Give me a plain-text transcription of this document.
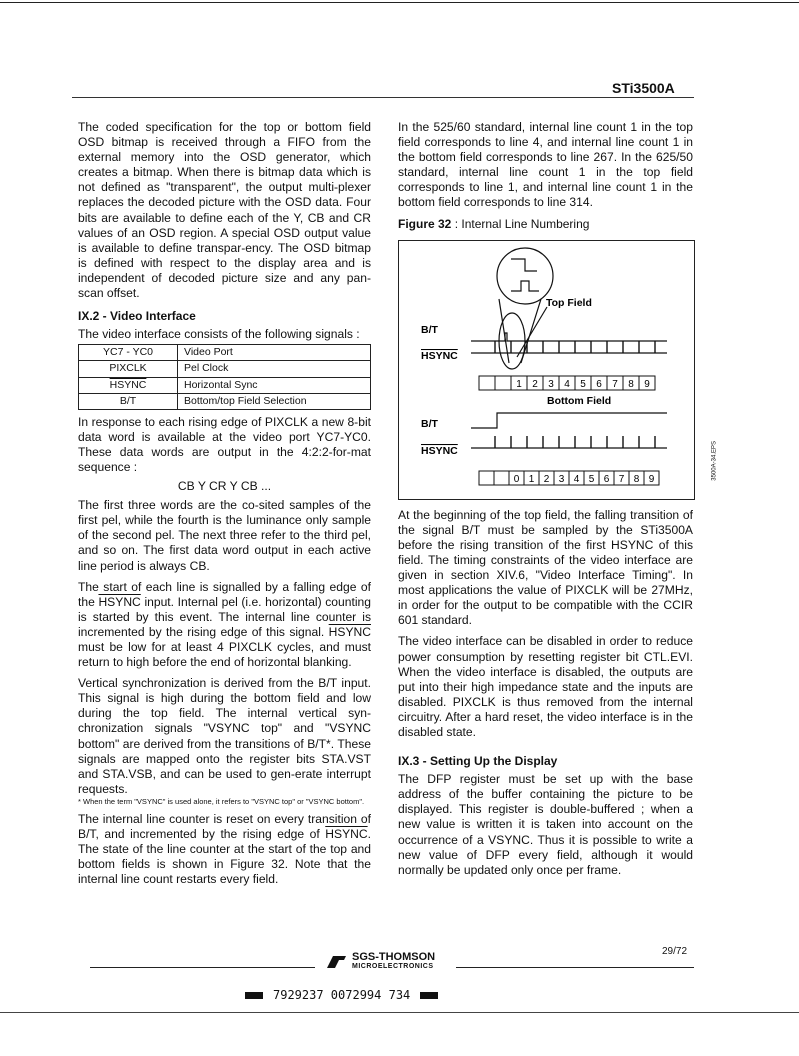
STi3500A

The coded specification for the top or bottom field OSD bitmap is received through a FIFO from the external memory into the OSD generator, which creates a bitmap. When there is bitmap data which is not defined as "transparent", the output multi-plexer replaces the decoded picture with the OSD data. Four bits are available to define each of the Y, CB and CR values of an OSD region. A special OSD output value is available to define transpar-ency. The OSD bitmap is defined with respect to the display area and is independent of decoded picture size and any pan-scan offset.

IX.2 - Video Interface

The video interface consists of the following signals :

YC7 - YC0	Video Port
PIXCLK	Pel Clock
HSYNC	Horizontal Sync
B/T	Bottom/top Field Selection

In response to each rising edge of PIXCLK a new 8-bit data word is available at the video port YC7-YC0. These data words are output in the 4:2:2-for-mat sequence :

CB Y CR Y CB ...

The first three words are the co-sited samples of the first pel, while the fourth is the luminance only sample of the second pel. The next three refer to the third pel, and so on. The first data word output in each active line period is always CB.

The start of each line is signalled by a falling edge of the HSYNC input. Internal pel (i.e. horizontal) counting is started by this event. The internal line counter is incremented by the rising edge of this signal. HSYNC must be low for at least 4 PIXCLK cycles, and must return to high before the end of horizontal blanking.

Vertical synchronization is derived from the B/T input. This signal is high during the bottom field and low during the top field. The internal vertical syn-chronization signals "VSYNC top" and "VSYNC bottom" are derived from the transitions of B/T*. These signals are mapped onto the register bits STA.VST and STA.VSB, and can be used to gen-erate interrupt requests.

* When the term "VSYNC" is used alone, it refers to "VSYNC top" or "VSYNC bottom".

The internal line counter is reset on every transition of B/T, and incremented by the rising edge of HSYNC. The state of the line counter at the start of the top and bottom fields is shown in Figure 32. Note that the internal line count restarts every field.

In the 525/60 standard, internal line count 1 in the top field corresponds to line 4, and internal line count 1 in the bottom field corresponds to line 267. In the 625/50 standard, internal line count 1 in the top field corresponds to line 1, and internal line count 1 in the bottom field corresponds to line 314.

Figure 32 : Internal Line Numbering
1 2 3 4 5 6 7 8 9
0 1 2 3 4 5 6 7 8 9
Top Field
Bottom Field
B/T
HSYNC
B/T
HSYNC	3500A-34.EPS

At the beginning of the top field, the falling transition of the signal B/T must be sampled by the STi3500A before the rising transition of the first HSYNC of this field. The timing constraints of the video interface are given in section XIV.6, "Video Interface Timing". In most applications the value of PIXCLK will be 27MHz, in order for the output to be compatible with the CCIR 601 standard.

The video interface can be disabled in order to reduce power consumption by resetting register bit CTL.EVI. When the video interface is disabled, the outputs are put into their high impedance state and the inputs are disabled. PIXCLK is thus removed from the internal circuitry. After a hard reset, the video interface is in the disabled state.

IX.3 - Setting Up the Display

The DFP register must be set up with the base address of the buffer containing the picture to be displayed. This register is double-buffered ; when a new value is written it is taken into account on the occurrence of a VSYNC. Thus it is possible to write a new value of DFP every field, although it would normally be updated only once per frame.

SGS-THOMSON
MICROELECTRONICS
29/72
7929237 0072994 734
